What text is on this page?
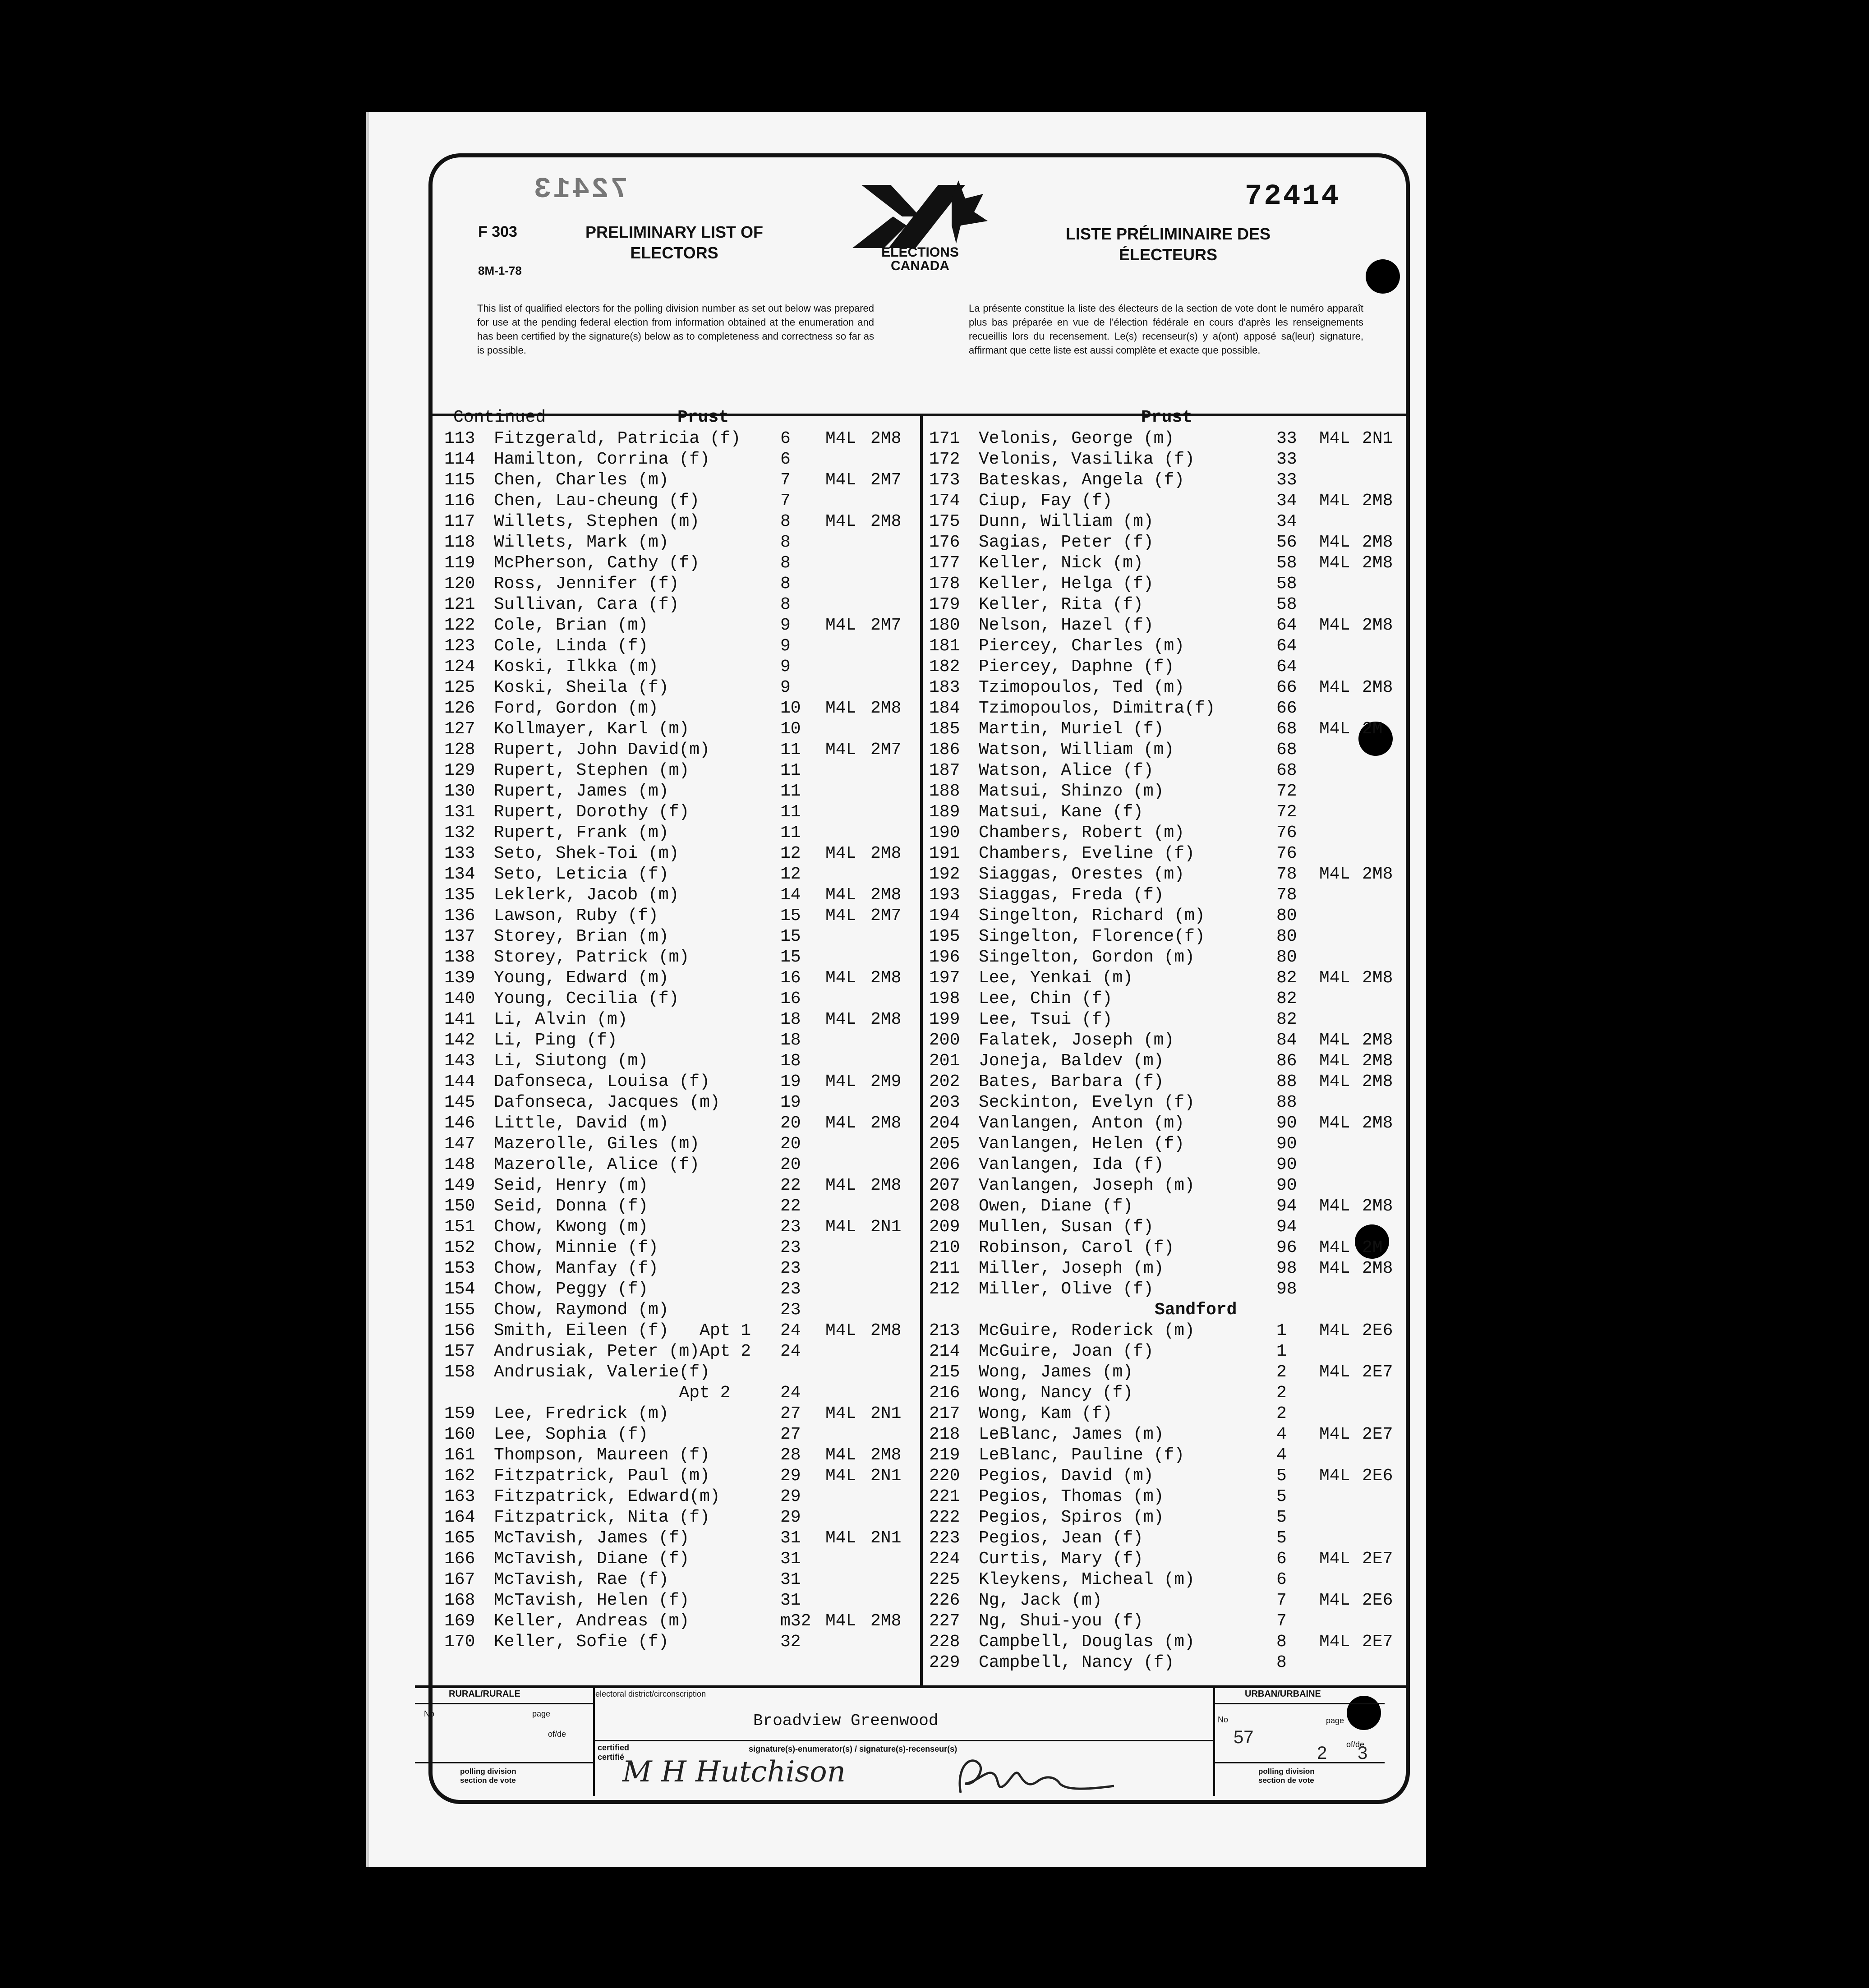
72413	72414
F 303
8M-1-78
PRELIMINARY LIST OF ELECTORS
LISTE PRÉLIMINAIRE DES ÉLECTEURS
ELECTIONS CANADA
This list of qualified electors for the polling division number as set out below was prepared for use at the pending federal election from information obtained at the enumeration and has been certified by the signature(s) below as to completeness and correctness so far as is possible.
La présente constitue la liste des électeurs de la section de vote dont le numéro apparaît plus bas préparée en vue de l'élection fédérale en cours d'après les renseignements recueillis lors du recensement. Le(s) recenseur(s) y a(ont) apposé sa(leur) signature, affirmant que cette liste est aussi complète et exacte que possible.
Continued	Prust	Prust
113	Fitzgerald, Patricia (f) 6 M4L 2M8
114	Hamilton, Corrina (f)	6
115	Chen, Charles (m)	7 M4L 2M7
116	Chen, Lau-cheung (f)	7
117	Willets, Stephen (m)	8 M4L 2M8
118	Willets, Mark (m)	8
119	McPherson, Cathy (f)	8
120	Ross, Jennifer (f)	8
121	Sullivan, Cara (f)	8
122	Cole, Brian (m)	9 M4L 2M7
123	Cole, Linda (f)	9
124	Koski, Ilkka (m)	9
125	Koski, Sheila (f)	9
126	Ford, Gordon (m)	10 M4L 2M8
127	Kollmayer, Karl (m)	10
128	Rupert, John David(m)	11 M4L 2M7
129	Rupert, Stephen (m)	11
130	Rupert, James (m)	11
131	Rupert, Dorothy (f)	11
132	Rupert, Frank (m)	11
133	Seto, Shek-Toi (m)	12 M4L 2M8
134	Seto, Leticia (f)	12
135	Leklerk, Jacob (m)	14 M4L 2M8
136	Lawson, Ruby (f)	15 M4L 2M7
137	Storey, Brian (m)	15
138	Storey, Patrick (m)	15
139	Young, Edward (m)	16 M4L 2M8
140	Young, Cecilia (f)	16
141	Li, Alvin (m)	18 M4L 2M8
142	Li, Ping (f)	18
143	Li, Siutong (m)	18
144	Dafonseca, Louisa (f)	19 M4L 2M9
145	Dafonseca, Jacques (m)	19
146	Little, David (m)	20 M4L 2M8
147	Mazerolle, Giles (m)	20
148	Mazerolle, Alice (f)	20
149	Seid, Henry (m)	22 M4L 2M8
150	Seid, Donna (f)	22
151	Chow, Kwong (m)	23 M4L 2N1
152	Chow, Minnie (f)	23
153	Chow, Manfay (f)	23
154	Chow, Peggy (f)	23
155	Chow, Raymond (m)	23
156	Smith, Eileen (f)   Apt 1 24 M4L 2M8
157	Andrusiak, Peter (m)Apt 2 24
158	Andrusiak, Valerie(f)
Apt 2	24
159	Lee, Fredrick (m)	27 M4L 2N1
160	Lee, Sophia (f)	27
161	Thompson, Maureen (f)	28 M4L 2M8
162	Fitzpatrick, Paul (m)	29 M4L 2N1
163	Fitzpatrick, Edward(m)	29
164	Fitzpatrick, Nita (f)	29
165	McTavish, James (f)	31 M4L 2N1
166	McTavish, Diane (f)	31
167	McTavish, Rae (f)	31
168	McTavish, Helen (f)	31
169	Keller, Andreas (m)	m32 M4L 2M8
170	Keller, Sofie (f)	32
171	Velonis, George (m)	33 M4L 2N1
172	Velonis, Vasilika (f)	33
173	Bateskas, Angela (f)	33
174	Ciup, Fay (f)	34 M4L 2M8
175	Dunn, William (m)	34
176	Sagias, Peter (f)	56 M4L 2M8
177	Keller, Nick (m)	58 M4L 2M8
178	Keller, Helga (f)	58
179	Keller, Rita (f)	58
180	Nelson, Hazel (f)	64 M4L 2M8
181	Piercey, Charles (m)	64
182	Piercey, Daphne (f)	64
183	Tzimopoulos, Ted (m)	66 M4L 2M8
184	Tzimopoulos, Dimitra(f)	66
185	Martin, Muriel (f)	68 M4L 2M
186	Watson, William (m)	68
187	Watson, Alice (f)	68
188	Matsui, Shinzo (m)	72
189	Matsui, Kane (f)	72
190	Chambers, Robert (m)	76
191	Chambers, Eveline (f)	76
192	Siaggas, Orestes (m)	78 M4L 2M8
193	Siaggas, Freda (f)	78
194	Singelton, Richard (m)	80
195	Singelton, Florence(f)	80
196	Singelton, Gordon (m)	80
197	Lee, Yenkai (m)	82 M4L 2M8
198	Lee, Chin (f)	82
199	Lee, Tsui (f)	82
200	Falatek, Joseph (m)	84 M4L 2M8
201	Joneja, Baldev (m)	86 M4L 2M8
202	Bates, Barbara (f)	88 M4L 2M8
203	Seckinton, Evelyn (f)	88
204	Vanlangen, Anton (m)	90 M4L 2M8
205	Vanlangen, Helen (f)	90
206	Vanlangen, Ida (f)	90
207	Vanlangen, Joseph (m)	90
208	Owen, Diane (f)	94 M4L 2M8
209	Mullen, Susan (f)	94
210	Robinson, Carol (f)	96 M4L 2M
211	Miller, Joseph (m)	98 M4L 2M8
212	Miller, Olive (f)	98
Sandford
213	McGuire, Roderick (m)	1 M4L 2E6
214	McGuire, Joan (f)	1
215	Wong, James (m)	2 M4L 2E7
216	Wong, Nancy (f)	2
217	Wong, Kam (f)	2
218	LeBlanc, James (m)	4 M4L 2E7
219	LeBlanc, Pauline (f)	4
220	Pegios, David (m)	5 M4L 2E6
221	Pegios, Thomas (m)	5
222	Pegios, Spiros (m)	5
223	Pegios, Jean (f)	5
224	Curtis, Mary (f)	6 M4L 2E7
225	Kleykens, Micheal (m)	6
226	Ng, Jack (m)	7 M4L 2E6
227	Ng, Shui-you (f)	7
228	Campbell, Douglas (m)	8 M4L 2E7
229	Campbell, Nancy (f)	8
RURAL/RURALE	electoral district/circonscription
Broadview Greenwood
URBAN/URBAINE
No	page
of/de
polling division section de vote
certified certifié
signature(s)-enumerator(s) / signature(s)-recenseur(s)
M H Hutchison
No
57
page
of/de
2 3
polling division section de vote
